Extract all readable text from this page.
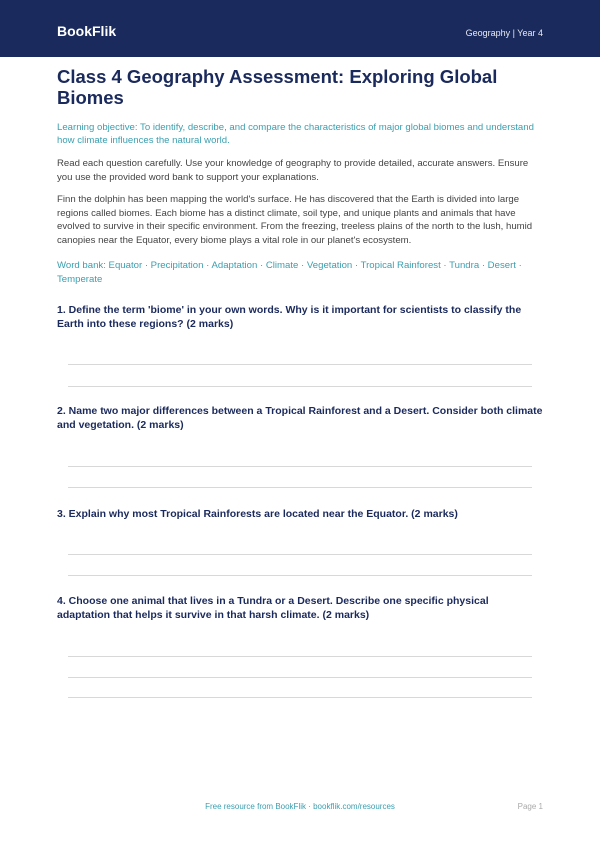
BookFlik	Geography | Year 4
Class 4 Geography Assessment: Exploring Global Biomes

Learning objective: To identify, describe, and compare the characteristics of major global biomes and understand how climate influences the natural world.

Read each question carefully. Use your knowledge of geography to provide detailed, accurate answers. Ensure you use the provided word bank to support your explanations.

Finn the dolphin has been mapping the world's surface. He has discovered that the Earth is divided into large regions called biomes. Each biome has a distinct climate, soil type, and unique plants and animals that have evolved to survive in their specific environment. From the freezing, treeless plains of the north to the lush, humid canopies near the Equator, every biome plays a vital role in our planet's ecosystem.

Word bank: Equator · Precipitation · Adaptation · Climate · Vegetation · Tropical Rainforest · Tundra · Desert · Temperate

1. Define the term 'biome' in your own words. Why is it important for scientists to classify the Earth into these regions? (2 marks)

2. Name two major differences between a Tropical Rainforest and a Desert. Consider both climate and vegetation. (2 marks)

3. Explain why most Tropical Rainforests are located near the Equator. (2 marks)

4. Choose one animal that lives in a Tundra or a Desert. Describe one specific physical adaptation that helps it survive in that harsh climate. (2 marks)

Free resource from BookFlik · bookflik.com/resources	Page 1
